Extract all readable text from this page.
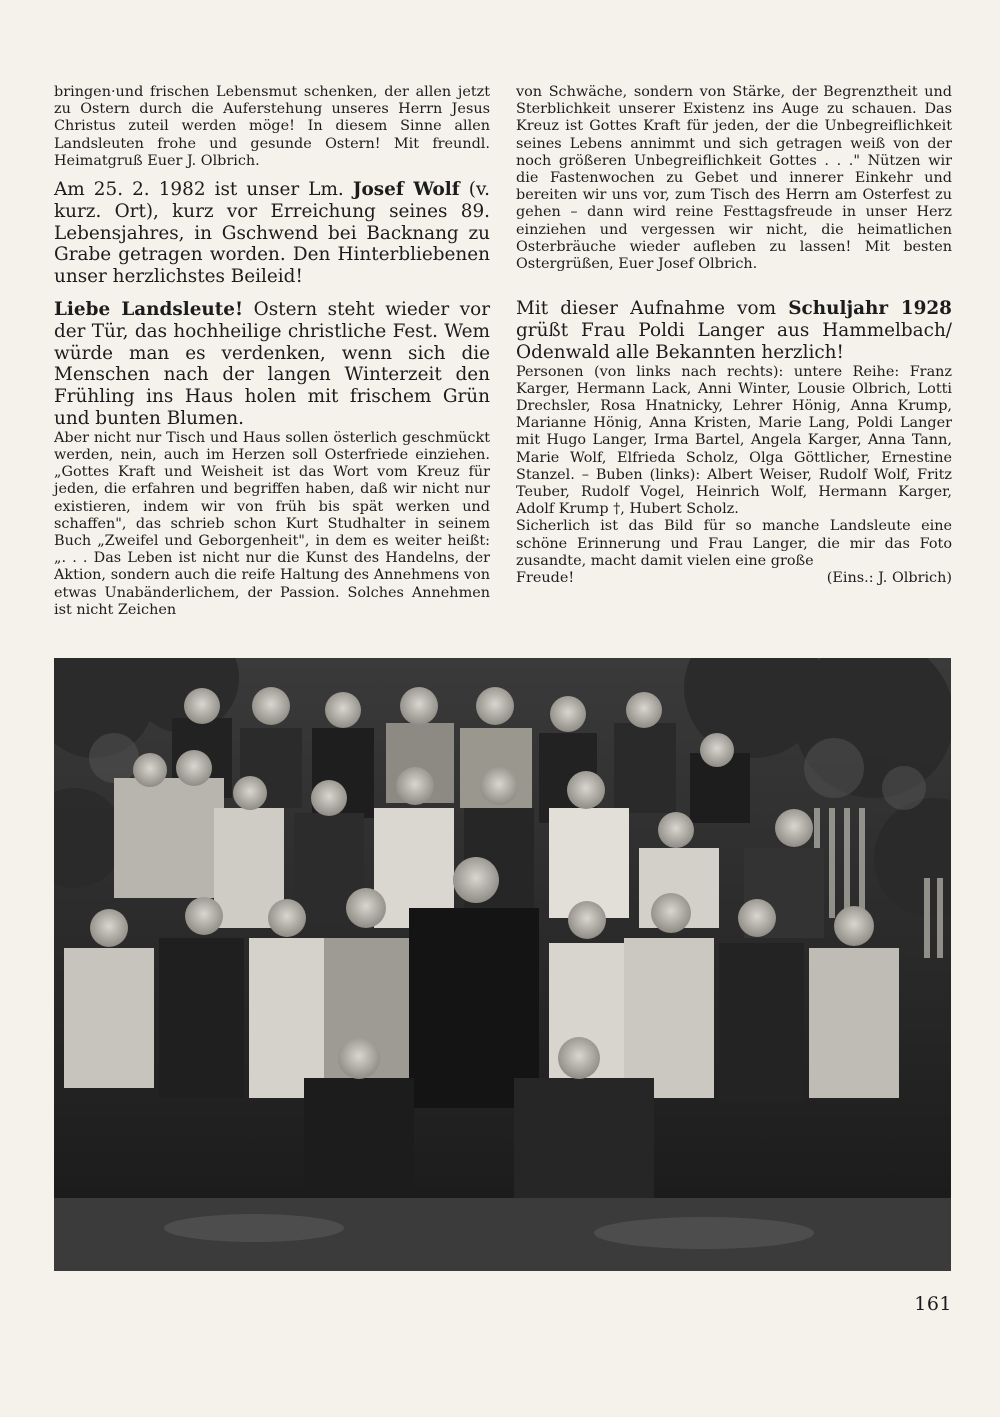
bringen·und frischen Lebensmut schenken, der allen jetzt zu Ostern durch die Auferstehung unseres Herrn Jesus Christus zuteil werden möge! In diesem Sinne allen Landsleuten frohe und gesunde Ostern! Mit freundl. Heimatgruß Euer J. Olbrich.

Am 25. 2. 1982 ist unser Lm. Josef Wolf (v. kurz. Ort), kurz vor Erreichung seines 89. Lebensjahres, in Gschwend bei Backnang zu Grabe getragen worden. Den Hinterbliebenen unser herzlichstes Beileid!

Liebe Landsleute! Ostern steht wieder vor der Tür, das hochheilige christliche Fest. Wem würde man es verdenken, wenn sich die Menschen nach der langen Winterzeit den Frühling ins Haus holen mit frischem Grün und bunten Blumen.

Aber nicht nur Tisch und Haus sollen österlich geschmückt werden, nein, auch im Herzen soll Osterfriede einziehen. „Gottes Kraft und Weisheit ist das Wort vom Kreuz für jeden, die erfahren und begriffen haben, daß wir nicht nur existieren, indem wir von früh bis spät werken und schaffen", das schrieb schon Kurt Studhalter in seinem Buch „Zweifel und Geborgenheit", in dem es weiter heißt: „. . . Das Leben ist nicht nur die Kunst des Handelns, der Aktion, sondern auch die reife Haltung des Annehmens von etwas Unabänderlichem, der Passion. Solches Annehmen ist nicht Zeichen

von Schwäche, sondern von Stärke, der Begrenztheit und Sterblichkeit unserer Existenz ins Auge zu schauen. Das Kreuz ist Gottes Kraft für jeden, der die Unbegreiflichkeit seines Lebens annimmt und sich getragen weiß von der noch größeren Unbegreiflichkeit Gottes . . ." Nützen wir die Fastenwochen zu Gebet und innerer Einkehr und bereiten wir uns vor, zum Tisch des Herrn am Osterfest zu gehen – dann wird reine Festtagsfreude in unser Herz einziehen und vergessen wir nicht, die heimatlichen Osterbräuche wieder aufleben zu lassen! Mit besten Ostergrüßen, Euer Josef Olbrich.

Mit dieser Aufnahme vom Schuljahr 1928 grüßt Frau Poldi Langer aus Hammelbach/ Odenwald alle Bekannten herzlich!

Personen (von links nach rechts): untere Reihe: Franz Karger, Hermann Lack, Anni Winter, Lousie Olbrich, Lotti Drechsler, Rosa Hnatnicky, Lehrer Hönig, Anna Krump, Marianne Hönig, Anna Kristen, Marie Lang, Poldi Langer mit Hugo Langer, Irma Bartel, Angela Karger, Anna Tann, Marie Wolf, Elfrieda Scholz, Olga Göttlicher, Ernestine Stanzel. – Buben (links): Albert Weiser, Rudolf Wolf, Fritz Teuber, Rudolf Vogel, Heinrich Wolf, Hermann Karger, Adolf Krump †, Hubert Scholz.

Sicherlich ist das Bild für so manche Landsleute eine schöne Erinnerung und Frau Langer, die mir das Foto zusandte, macht damit vielen eine große

Freude!	(Eins.: J. Olbrich)

161
